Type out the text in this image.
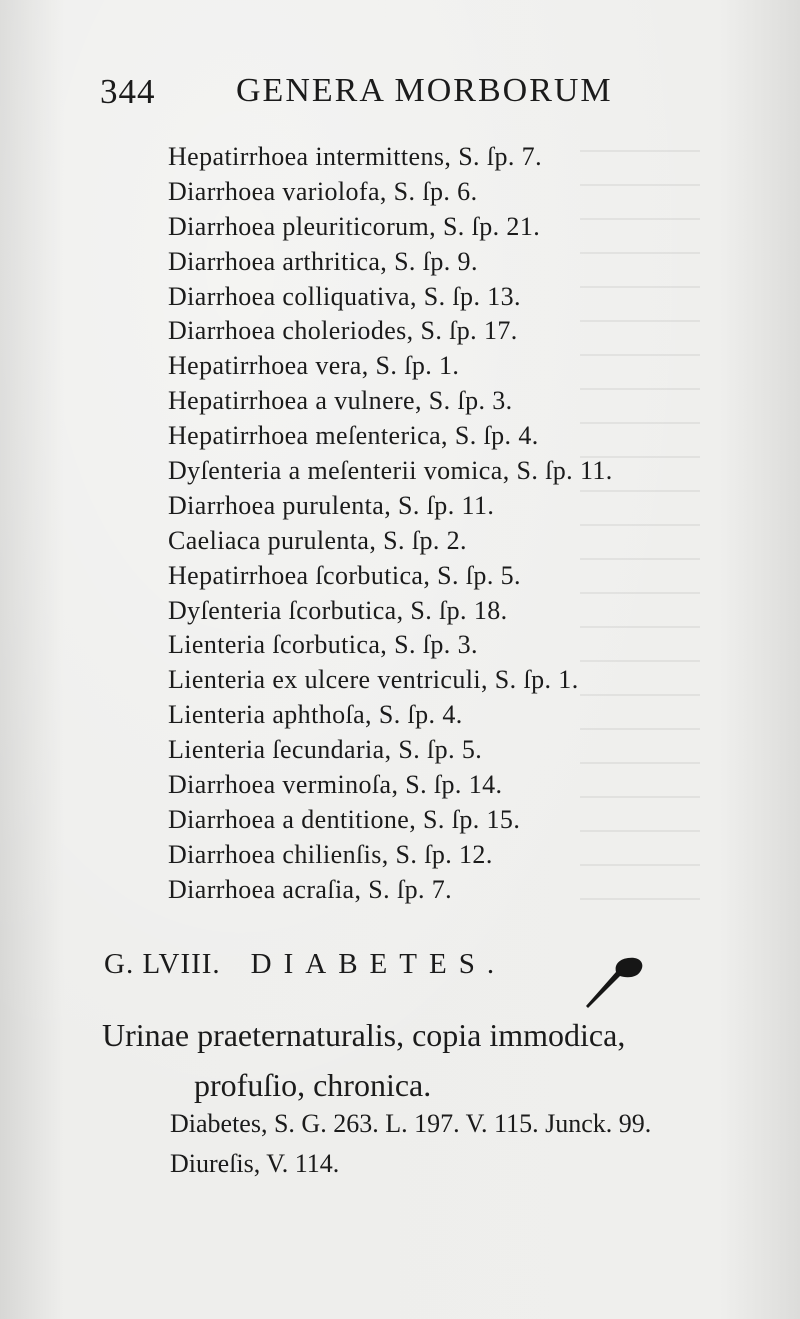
344 GENERA MORBORUM
Hepatirrhoea intermittens, S. ſp. 7.
Diarrhoea variolofa, S. ſp. 6.
Diarrhoea pleuriticorum, S. ſp. 21.
Diarrhoea arthritica, S. ſp. 9.
Diarrhoea colliquativa, S. ſp. 13.
Diarrhoea choleriodes, S. ſp. 17.
Hepatirrhoea vera, S. ſp. 1.
Hepatirrhoea a vulnere, S. ſp. 3.
Hepatirrhoea meſenterica, S. ſp. 4.
Dyſenteria a meſenterii vomica, S. ſp. 11.
Diarrhoea purulenta, S. ſp. 11.
Caeliaca purulenta, S. ſp. 2.
Hepatirrhoea ſcorbutica, S. ſp. 5.
Dyſenteria ſcorbutica, S. ſp. 18.
Lienteria ſcorbutica, S. ſp. 3.
Lienteria ex ulcere ventriculi, S. ſp. 1.
Lienteria aphthoſa, S. ſp. 4.
Lienteria ſecundaria, S. ſp. 5.
Diarrhoea verminoſa, S. ſp. 14.
Diarrhoea a dentitione, S. ſp. 15.
Diarrhoea chilienſis, S. ſp. 12.
Diarrhoea acraſia, S. ſp. 7.
G. LVIII. DIABETES.
Urinae praeternaturalis, copia immodica,
profuſio, chronica.
Diabetes, S. G. 263. L. 197. V. 115. Junck. 99.
Diureſis, V. 114.
